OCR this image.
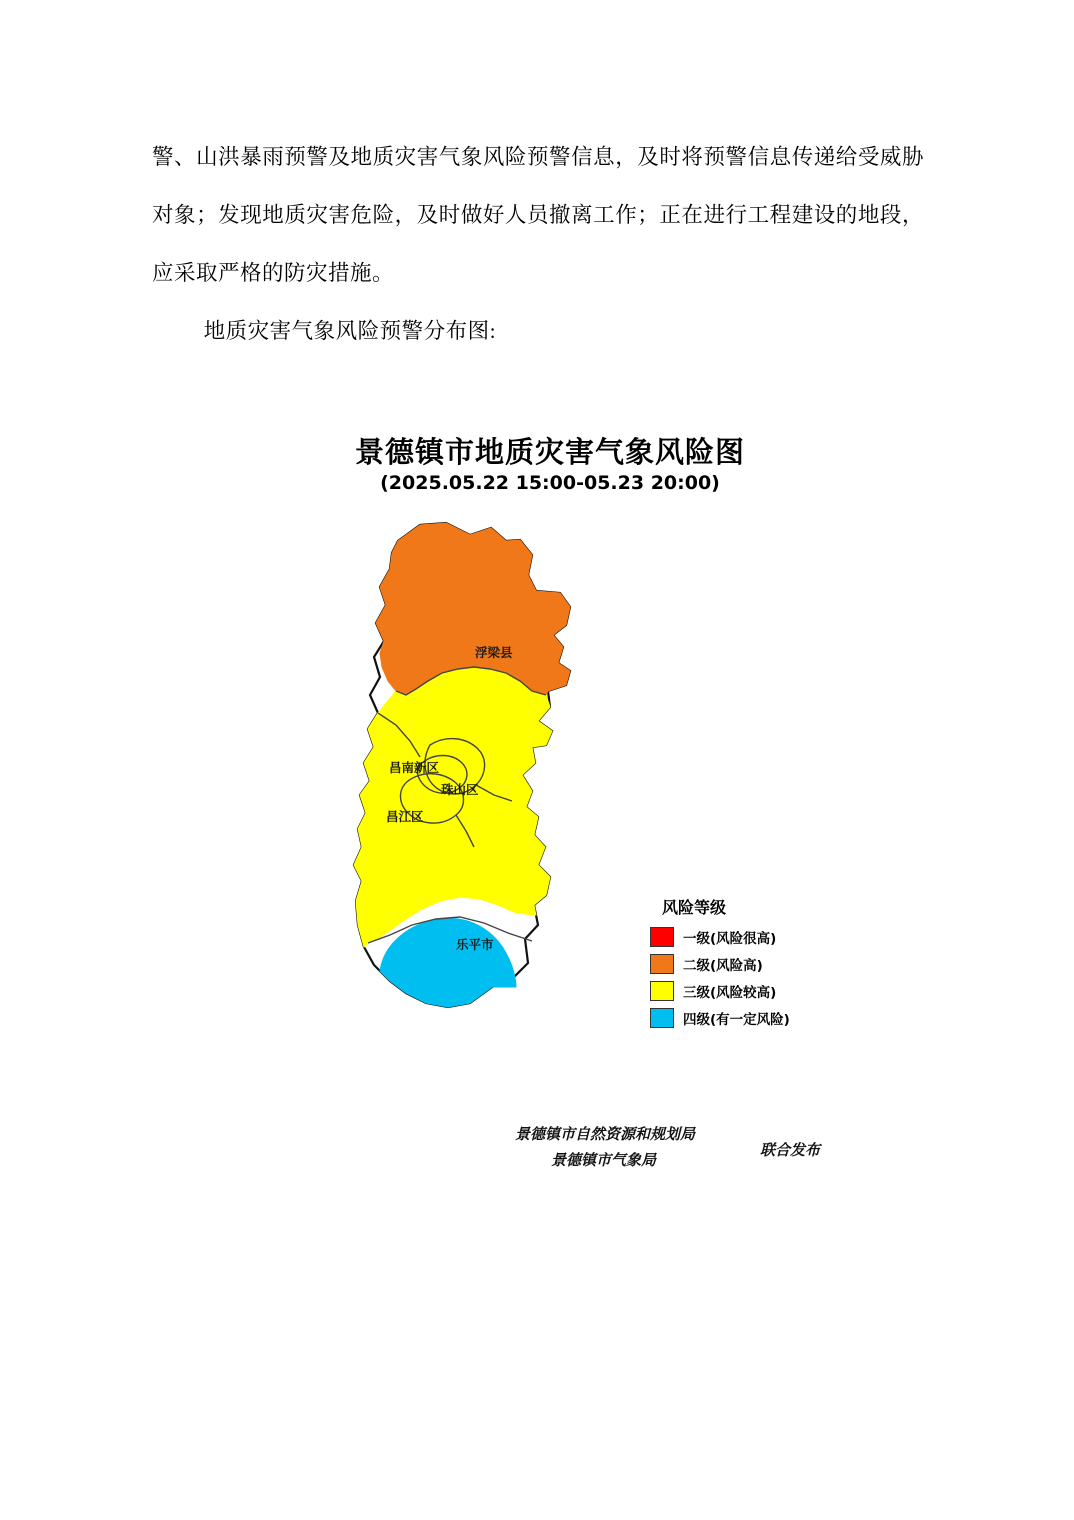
警、山洪暴雨预警及地质灾害气象风险预警信息，及时将预警信息传递给受威胁对象；发现地质灾害危险，及时做好人员撤离工作；正在进行工程建设的地段，应采取严格的防灾措施。

地质灾害气象风险预警分布图:

景德镇市地质灾害气象风险图
(2025.05.22 15:00-05.23 20:00)
浮梁县
昌南新区
珠山区
昌江区
乐平市
风险等级
一级(风险很高)
二级(风险高)
三级(风险较高)
四级(有一定风险)
景德镇市自然资源和规划局
景德镇市气象局
联合发布
